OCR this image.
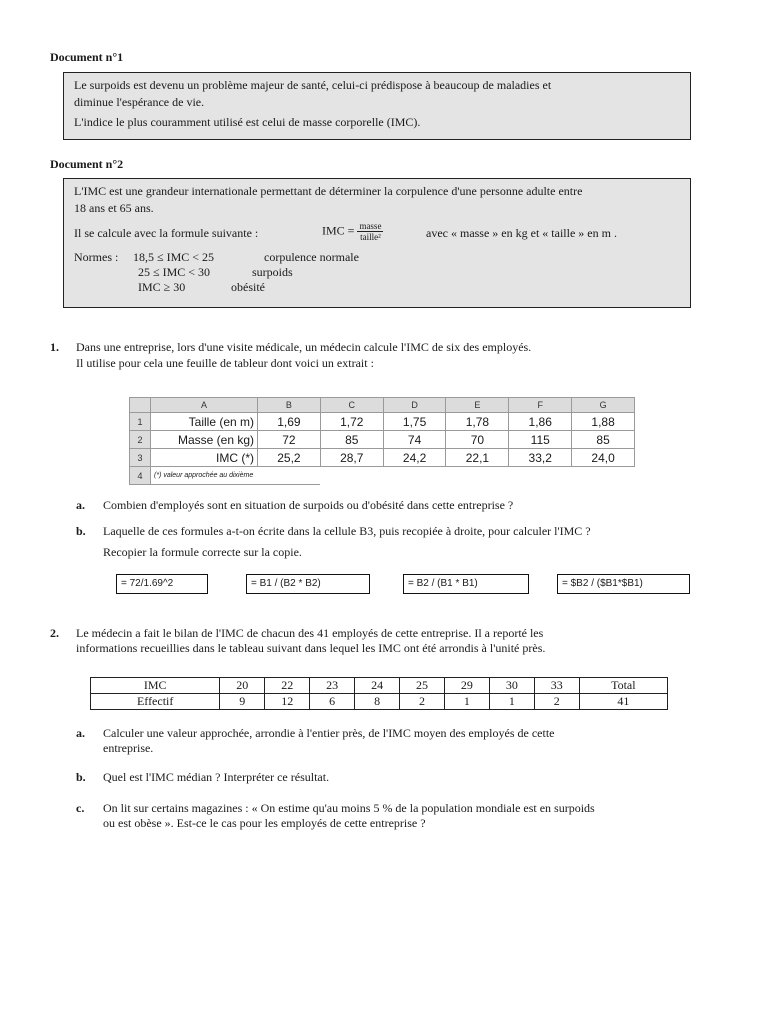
Document n°1

Le surpoids est devenu un problème majeur de santé, celui-ci prédispose à beaucoup de maladies et

diminue l'espérance de vie.

L'indice le plus couramment utilisé est celui de masse corporelle (IMC).

Document n°2

L'IMC est une grandeur internationale permettant de déterminer la corpulence d'une personne adulte entre

18 ans et 65 ans.

Il se calcule avec la formule suivante :	IMC = $\frac{\text{masse}}{\text{taille²}}$	avec « masse » en kg et « taille » en m .
Normes : 18,5 ≤ IMC < 25	corpulence normale
25 ≤ IMC < 30	surpoids
IMC ≥ 30	obésité
1. Dans une entreprise, lors d'une visite médicale, un médecin calcule l'IMC de six des employés.
Il utilise pour cela une feuille de tableur dont voici un extrait :
	A	B	C	D	E	F	G
1	Taille (en m)	1,69	1,72	1,75	1,78	1,86	1,88
2	Masse (en kg)	72	85	74	70	115	85
3	IMC (*)	25,2	28,7	24,2	22,1	33,2	24,0
4	(*) valeur approchée au dixième						
a. Combien d'employés sont en situation de surpoids ou d'obésité dans cette entreprise ?
b. Laquelle de ces formules a-t-on écrite dans la cellule B3, puis recopiée à droite, pour calculer l'IMC ?
Recopier la formule correcte sur la copie.
= 72/1.69^2	= B1 / (B2 * B2)	= B2 / (B1 * B1)	= $B2 / ($B1*$B1)
2. Le médecin a fait le bilan de l'IMC de chacun des 41 employés de cette entreprise. Il a reporté les
informations recueillies dans le tableau suivant dans lequel les IMC ont été arrondis à l'unité près.
IMC	20	22	23	24	25	29	30	33	Total
Effectif	9	12	6	8	2	1	1	2	41
a. Calculer une valeur approchée, arrondie à l'entier près, de l'IMC moyen des employés de cette
entreprise.
b. Quel est l'IMC médian ? Interpréter ce résultat.
c. On lit sur certains magazines : « On estime qu'au moins 5 % de la population mondiale est en surpoids
ou est obèse ». Est-ce le cas pour les employés de cette entreprise ?
